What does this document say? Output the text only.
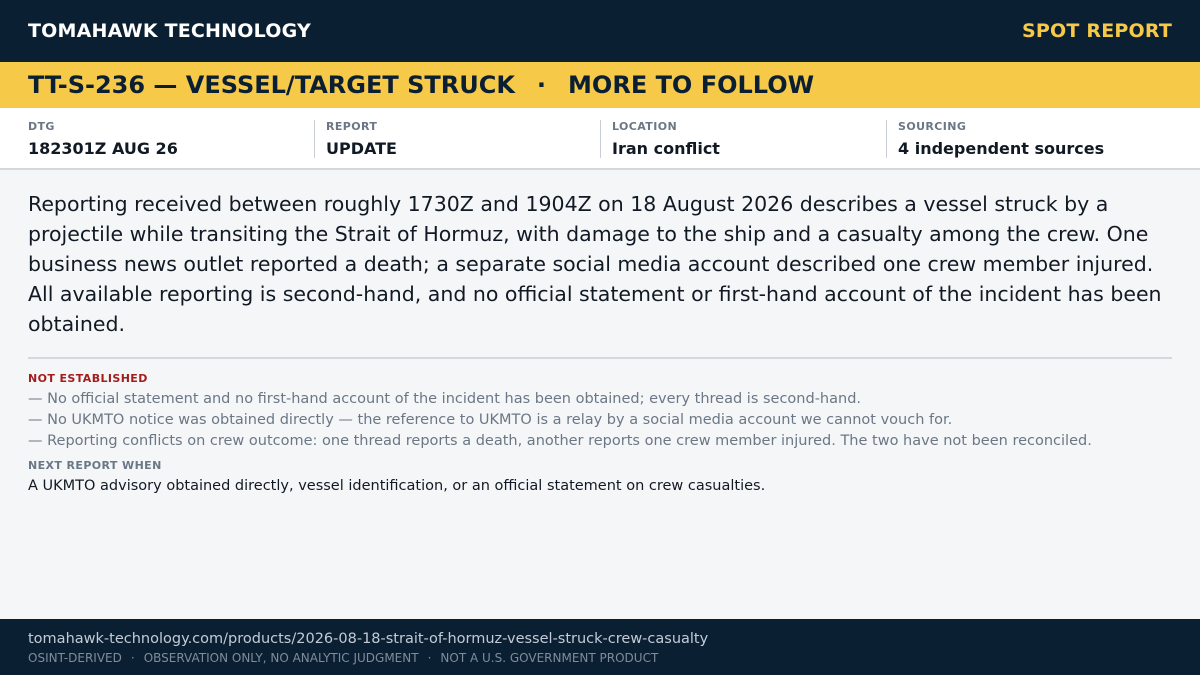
TOMAHAWK TECHNOLOGY	SPOT REPORT
TT-S-236 — VESSEL/TARGET STRUCK · MORE TO FOLLOW
DTG
182301Z AUG 26
REPORT
UPDATE
LOCATION
Iran conflict
SOURCING
4 independent sources

Reporting received between roughly 1730Z and 1904Z on 18 August 2026 describes a vessel struck by a projectile while transiting the Strait of Hormuz, with damage to the ship and a casualty among the crew. One business news outlet reported a death; a separate social media account described one crew member injured. All available reporting is second-hand, and no official statement or first-hand account of the incident has been obtained.

NOT ESTABLISHED
— No official statement and no first-hand account of the incident has been obtained; every thread is second-hand.
— No UKMTO notice was obtained directly — the reference to UKMTO is a relay by a social media account we cannot vouch for.
— Reporting conflicts on crew outcome: one thread reports a death, another reports one crew member injured. The two have not been reconciled.
NEXT REPORT WHEN
A UKMTO advisory obtained directly, vessel identification, or an official statement on crew casualties.
tomahawk-technology.com/products/2026-08-18-strait-of-hormuz-vessel-struck-crew-casualty
OSINT-DERIVED · OBSERVATION ONLY, NO ANALYTIC JUDGMENT · NOT A U.S. GOVERNMENT PRODUCT
